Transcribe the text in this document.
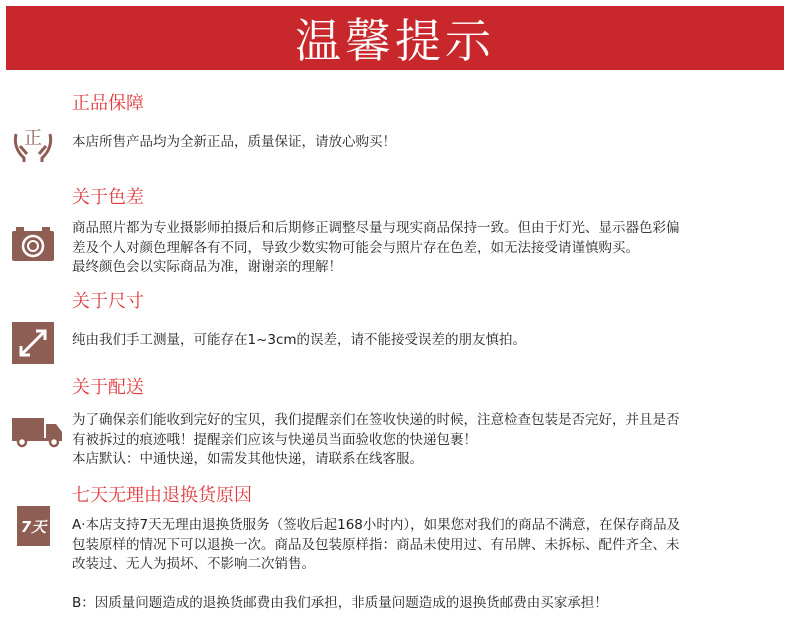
温馨提示
正品保障
正 本店所售产品均为全新正品，质量保证，请放心购买！
关于色差
商品照片都为专业摄影师拍摄后和后期修正调整尽量与现实商品保持一致。但由于灯光、显示器色彩偏
差及个人对颜色理解各有不同，导致少数实物可能会与照片存在色差，如无法接受请谨慎购买。
最终颜色会以实际商品为准，谢谢亲的理解！
关于尺寸
纯由我们手工测量，可能存在1~3cm的误差，请不能接受误差的朋友慎拍。
关于配送
为了确保亲们能收到完好的宝贝，我们提醒亲们在签收快递的时候，注意检查包装是否完好，并且是否
有被拆过的痕迹哦！提醒亲们应该与快递员当面验收您的快递包裹！
本店默认：中通快递，如需发其他快递，请联系在线客服。
七天无理由退换货原因
7天 A·本店支持7天无理由退换货服务（签收后起168小时内），如果您对我们的商品不满意，在保存商品及
包装原样的情况下可以退换一次。商品及包装原样指：商品未使用过、有吊牌、未拆标、配件齐全、未
改装过、无人为损坏、不影响二次销售。
B：因质量问题造成的退换货邮费由我们承担，非质量问题造成的退换货邮费由买家承担！
